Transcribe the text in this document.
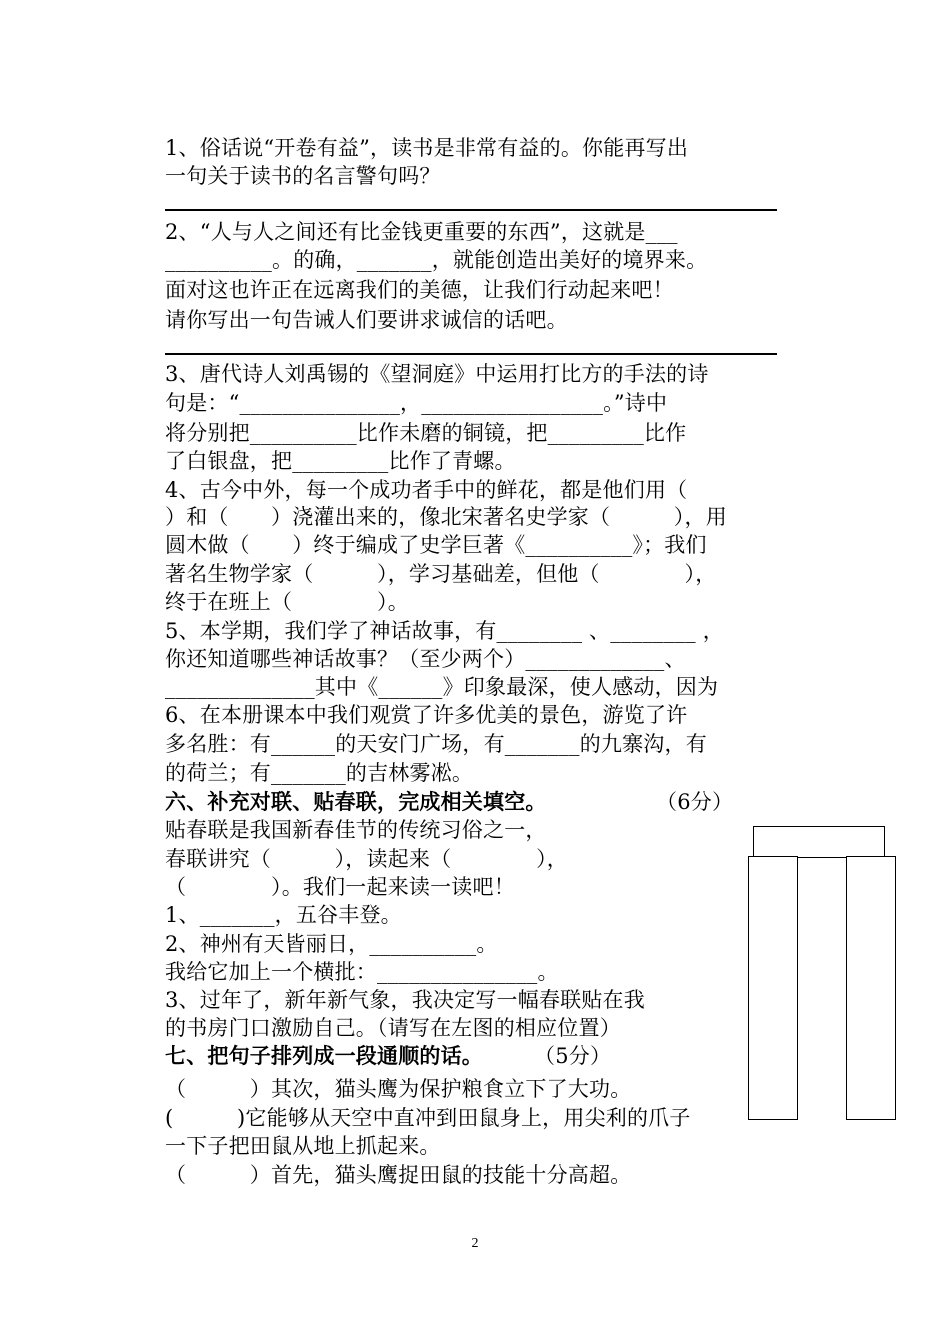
1、俗话说“开卷有益”，读书是非常有益的。你能再写出
一句关于读书的名言警句吗？
2、“人与人之间还有比金钱更重要的东西”，这就是___
__________。的确，_______，就能创造出美好的境界来。
面对这也许正在远离我们的美德，让我们行动起来吧！
请你写出一句告诫人们要讲求诚信的话吧。
3、唐代诗人刘禹锡的《望洞庭》中运用打比方的手法的诗
句是：“_______________，_________________。”诗中
将分别把__________比作未磨的铜镜，把_________比作
了白银盘，把_________比作了青螺。
4、古今中外，每一个成功者手中的鲜花，都是他们用（
）和（　　）浇灌出来的，像北宋著名史学家（　　　），用
圆木做（　　）终于编成了史学巨著《__________》；我们
著名生物学家（　　　），学习基础差，但他（　　　　），
终于在班上（　　　　）。
5、本学期，我们学了神话故事，有________ 、________ ，
你还知道哪些神话故事？（至少两个）_____________、
______________其中《______》印象最深，使人感动，因为
6、在本册课本中我们观赏了许多优美的景色，游览了许
多名胜：有______的天安门广场，有_______的九寨沟，有
的荷兰；有_______的吉林雾凇。
六、补充对联、贴春联，完成相关填空。	（6分）
贴春联是我国新春佳节的传统习俗之一，
春联讲究（　　　），读起来（　　　　），
（　　　　）。我们一起来读一读吧！
1、_______，五谷丰登。
2、神州有天皆丽日，__________。
我给它加上一个横批：_______________。
3、过年了，新年新气象，我决定写一幅春联贴在我
的书房门口激励自己。（请写在左图的相应位置）
七、把句子排列成一段通顺的话。 （5分）
（　　　）其次，猫头鹰为保护粮食立下了大功。
(　　　)它能够从天空中直冲到田鼠身上，用尖利的爪子
一下子把田鼠从地上抓起来。
（　　　）首先，猫头鹰捉田鼠的技能十分高超。
2
